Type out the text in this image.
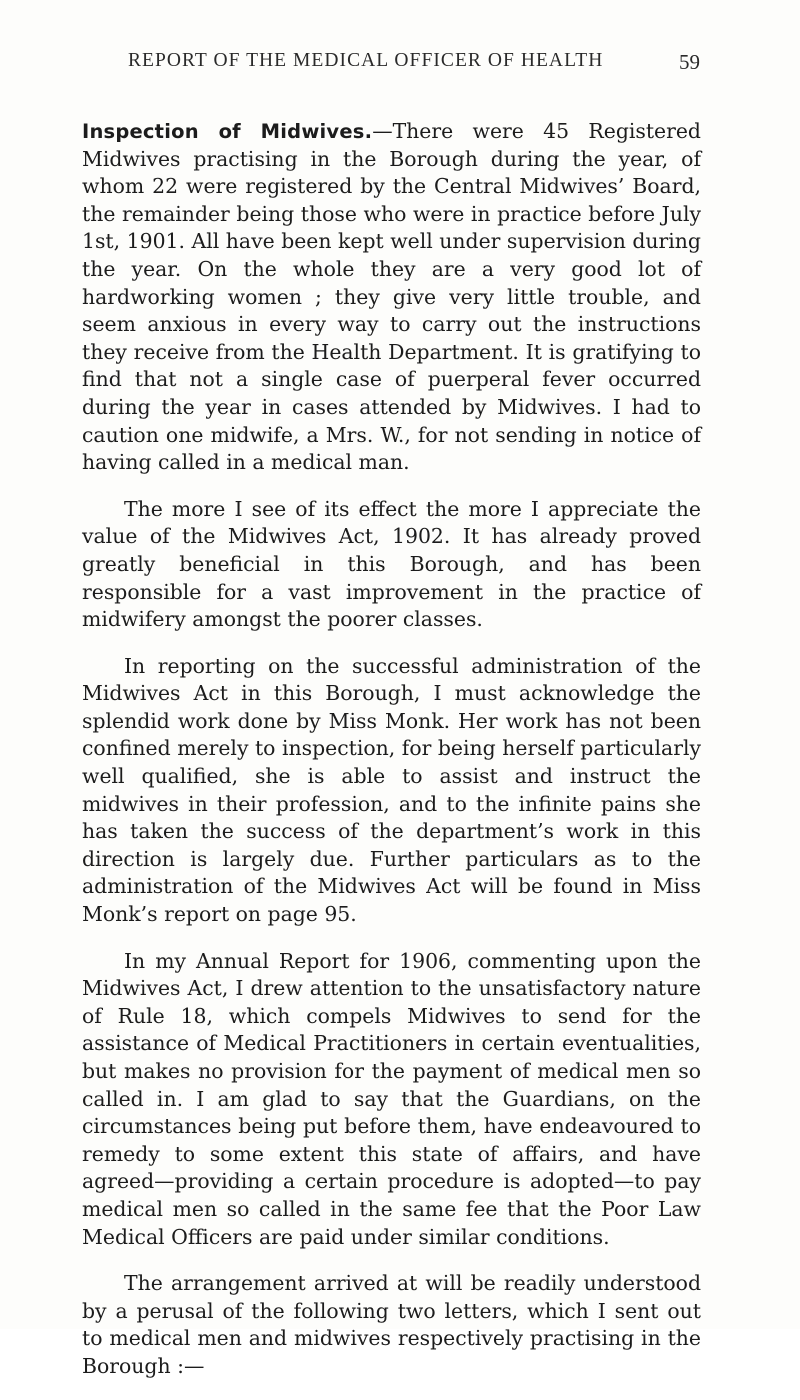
REPORT OF THE MEDICAL OFFICER OF HEALTH	59

Inspection of Midwives.—There were 45 Registered Midwives practising in the Borough during the year, of whom 22 were registered by the Central Midwives’ Board, the remainder being those who were in practice before July 1st, 1901. All have been kept well under supervision during the year. On the whole they are a very good lot of hardworking women ; they give very little trouble, and seem anxious in every way to carry out the instructions they receive from the Health Department. It is gratifying to find that not a single case of puerperal fever occurred during the year in cases attended by Midwives. I had to caution one midwife, a Mrs. W., for not sending in notice of having called in a medical man.

The more I see of its effect the more I appreciate the value of the Midwives Act, 1902. It has already proved greatly beneficial in this Borough, and has been responsible for a vast improvement in the practice of midwifery amongst the poorer classes.

In reporting on the successful administration of the Midwives Act in this Borough, I must acknowledge the splendid work done by Miss Monk. Her work has not been confined merely to inspection, for being herself particularly well qualified, she is able to assist and instruct the midwives in their profession, and to the infinite pains she has taken the success of the department’s work in this direction is largely due. Further particulars as to the administration of the Midwives Act will be found in Miss Monk’s report on page 95.

In my Annual Report for 1906, commenting upon the Midwives Act, I drew attention to the unsatisfactory nature of Rule 18, which compels Midwives to send for the assistance of Medical Practitioners in certain eventualities, but makes no provision for the payment of medical men so called in. I am glad to say that the Guardians, on the circumstances being put before them, have endeavoured to remedy to some extent this state of affairs, and have agreed—providing a certain procedure is adopted—to pay medical men so called in the same fee that the Poor Law Medical Officers are paid under similar conditions.

The arrangement arrived at will be readily understood by a perusal of the following two letters, which I sent out to medical men and midwives respectively practising in the Borough :—
